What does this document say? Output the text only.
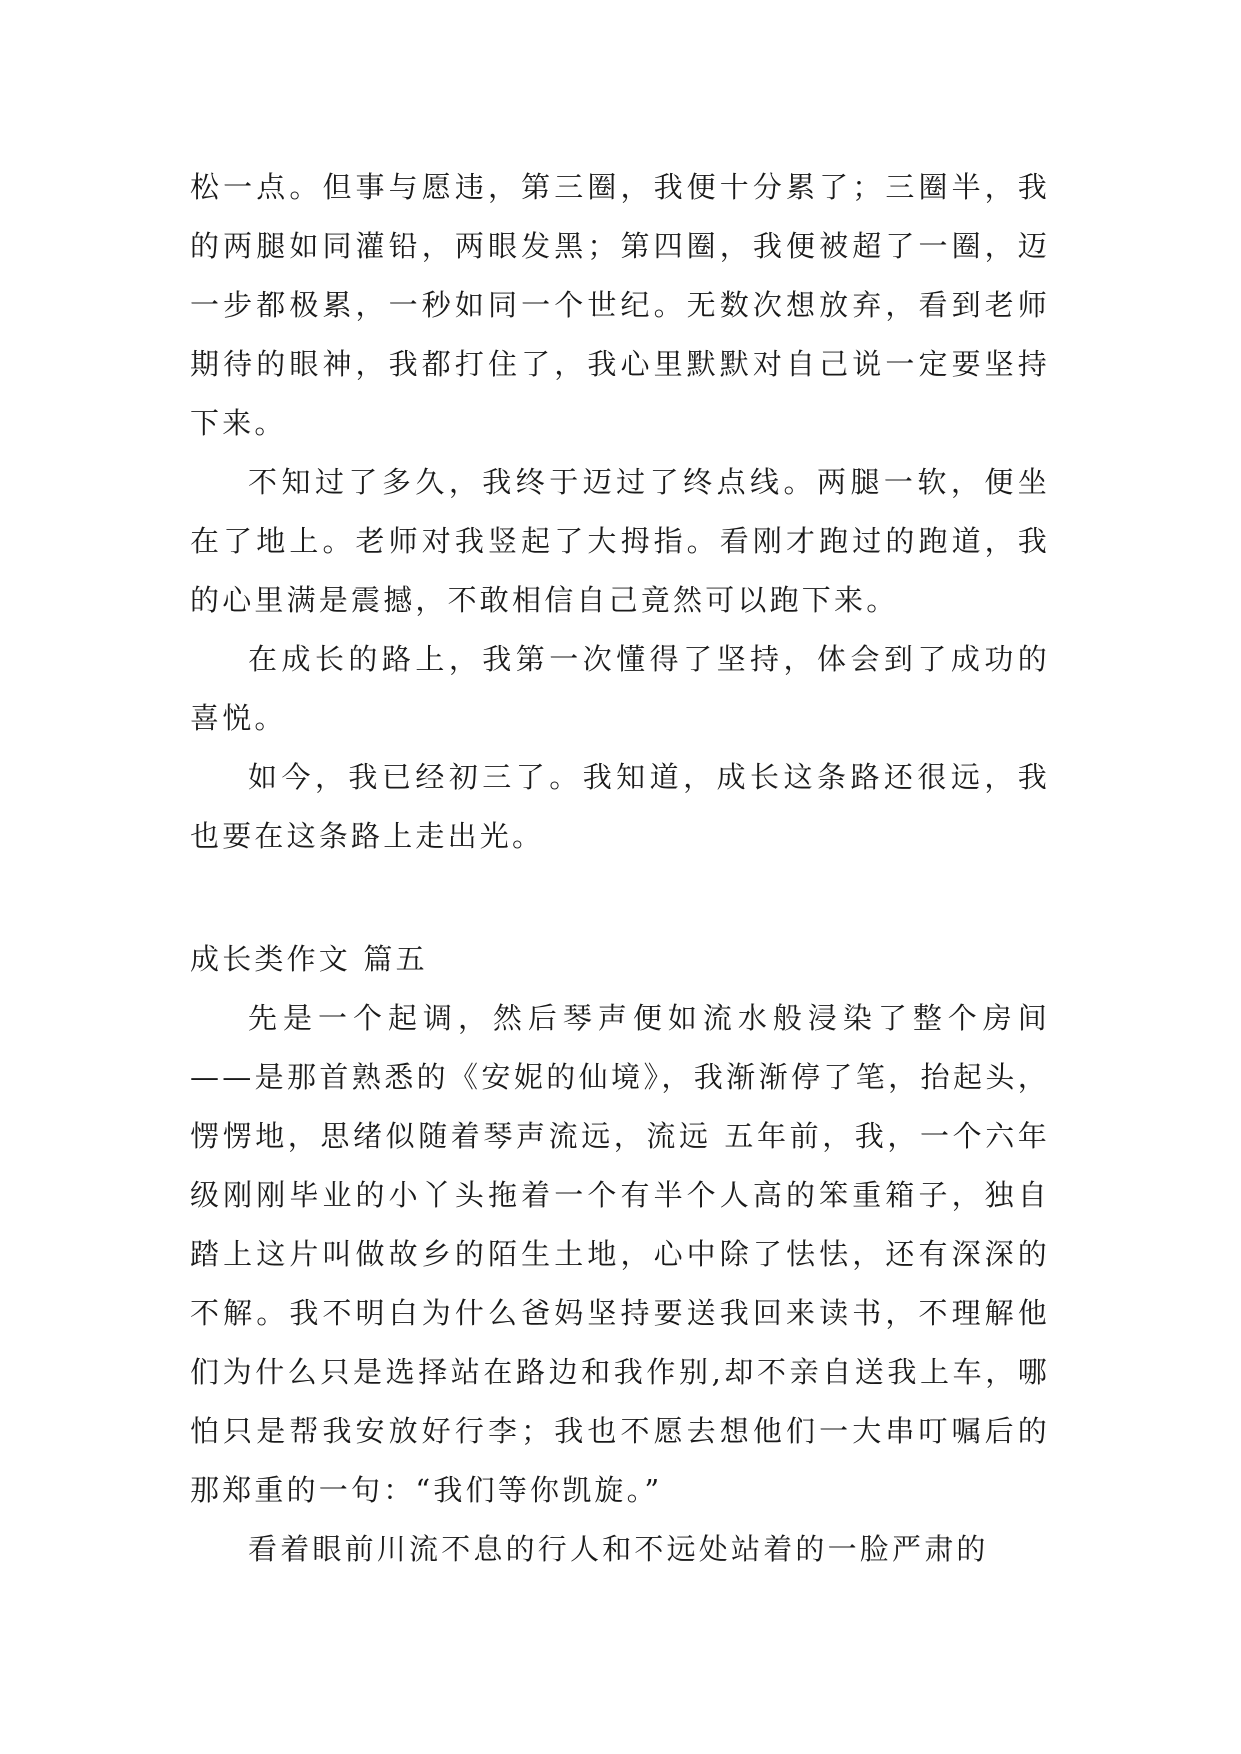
松一点。但事与愿违，第三圈，我便十分累了；三圈半，我的两腿如同灌铅，两眼发黑；第四圈，我便被超了一圈，迈一步都极累，一秒如同一个世纪。无数次想放弃，看到老师期待的眼神，我都打住了，我心里默默对自己说一定要坚持下来。

不知过了多久，我终于迈过了终点线。两腿一软，便坐在了地上。老师对我竖起了大拇指。看刚才跑过的跑道，我的心里满是震撼，不敢相信自己竟然可以跑下来。

在成长的路上，我第一次懂得了坚持，体会到了成功的喜悦。

如今，我已经初三了。我知道，成长这条路还很远，我也要在这条路上走出光。

成长类作文 篇五

先是一个起调，然后琴声便如流水般浸染了整个房间——是那首熟悉的《安妮的仙境》，我渐渐停了笔，抬起头，愣愣地，思绪似随着琴声流远，流远 五年前，我，一个六年级刚刚毕业的小丫头拖着一个有半个人高的笨重箱子，独自踏上这片叫做故乡的陌生土地，心中除了怯怯，还有深深的不解。我不明白为什么爸妈坚持要送我回来读书，不理解他们为什么只是选择站在路边和我作别,却不亲自送我上车，哪怕只是帮我安放好行李；我也不愿去想他们一大串叮嘱后的那郑重的一句：“我们等你凯旋。”

看着眼前川流不息的行人和不远处站着的一脸严肃的
